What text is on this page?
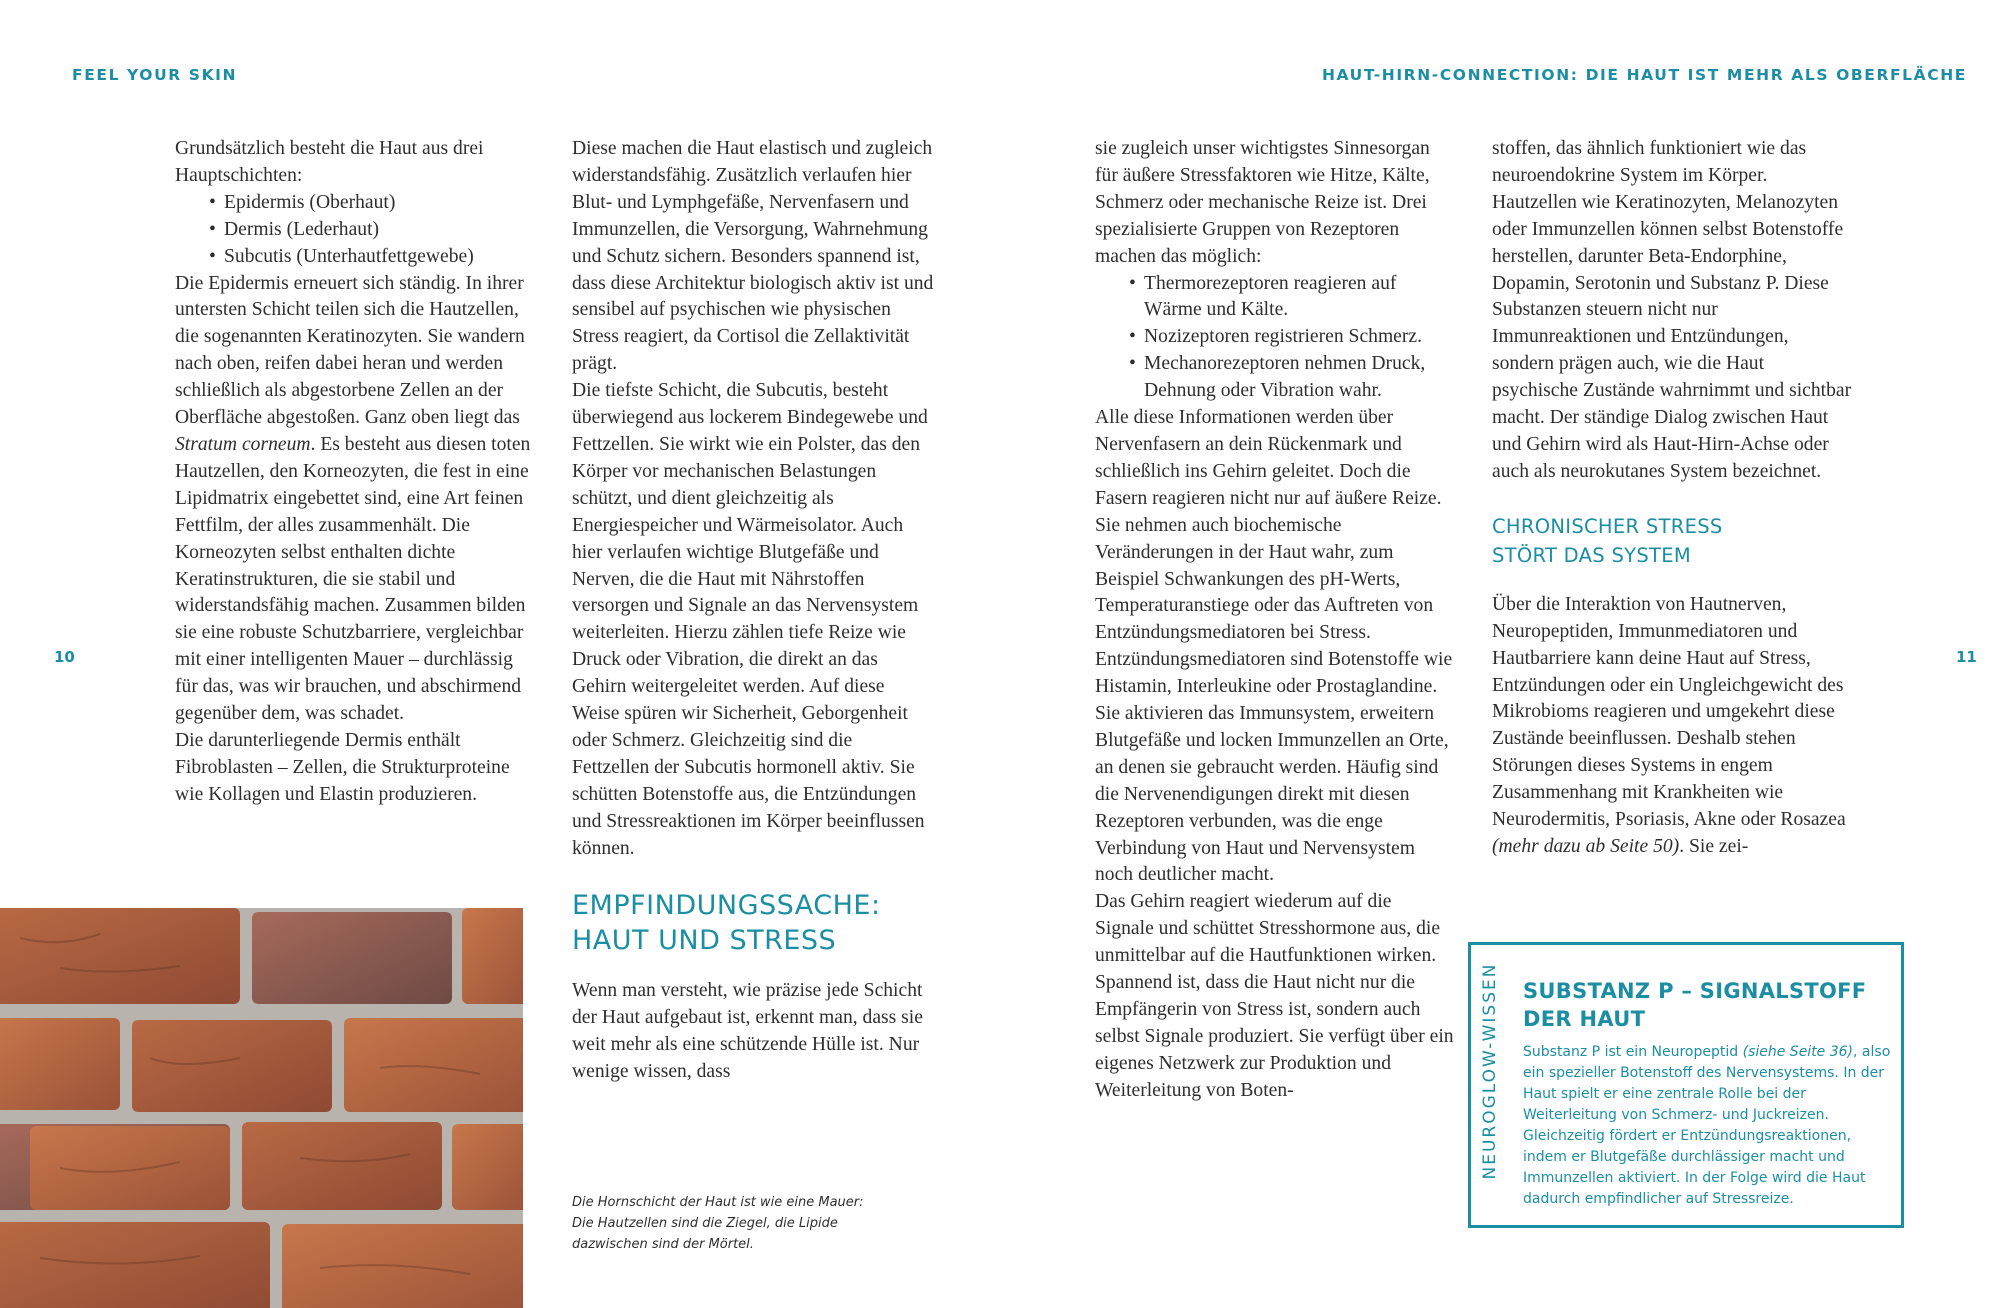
FEEL YOUR SKIN	HAUT-HIRN-CONNECTION: DIE HAUT IST MEHR ALS OBERFLÄCHE
10	11

Grundsätzlich besteht die Haut aus drei Hauptschichten:

• Epidermis (Oberhaut)
• Dermis (Lederhaut)
• Subcutis (Unterhautfettgewebe)

Die Epidermis erneuert sich ständig. In ihrer untersten Schicht teilen sich die Hautzellen, die sogenannten Keratinozyten. Sie wandern nach oben, reifen dabei heran und werden schließlich als abgestorbene Zellen an der Oberfläche abgestoßen. Ganz oben liegt das Stratum corneum. Es besteht aus diesen toten Hautzellen, den Korneozyten, die fest in eine Lipidmatrix eingebettet sind, eine Art feinen Fettfilm, der alles zusammenhält. Die Korneozyten selbst enthalten dichte Keratinstrukturen, die sie stabil und widerstandsfähig machen. Zusammen bilden sie eine robuste Schutzbarriere, vergleichbar mit einer intelligenten Mauer – durchlässig für das, was wir brauchen, und abschirmend gegenüber dem, was schadet.

Die darunterliegende Dermis enthält Fibroblasten – Zellen, die Strukturproteine wie Kollagen und Elastin produzieren.

Diese machen die Haut elastisch und zugleich widerstandsfähig. Zusätzlich verlaufen hier Blut- und Lymphgefäße, Nervenfasern und Immunzellen, die Versorgung, Wahrnehmung und Schutz sichern. Besonders spannend ist, dass diese Architektur biologisch aktiv ist und sensibel auf psychischen wie physischen Stress reagiert, da Cortisol die Zellaktivität prägt.

Die tiefste Schicht, die Subcutis, besteht überwiegend aus lockerem Bindegewebe und Fettzellen. Sie wirkt wie ein Polster, das den Körper vor mechanischen Belastungen schützt, und dient gleichzeitig als Energiespeicher und Wärmeisolator. Auch hier verlaufen wichtige Blutgefäße und Nerven, die die Haut mit Nährstoffen versorgen und Signale an das Nervensystem weiterleiten. Hierzu zählen tiefe Reize wie Druck oder Vibration, die direkt an das Gehirn weitergeleitet werden. Auf diese Weise spüren wir Sicherheit, Geborgenheit oder Schmerz. Gleichzeitig sind die Fettzellen der Subcutis hormonell aktiv. Sie schütten Botenstoffe aus, die Entzündungen und Stressreaktionen im Körper beeinflussen können.

EMPFINDUNGSSACHE:
HAUT UND STRESS

Wenn man versteht, wie präzise jede Schicht der Haut aufgebaut ist, erkennt man, dass sie weit mehr als eine schützende Hülle ist. Nur wenige wissen, dass

Die Hornschicht der Haut ist wie eine Mauer:
Die Hautzellen sind die Ziegel, die Lipide
dazwischen sind der Mörtel.

sie zugleich unser wichtigstes Sinnesorgan für äußere Stressfaktoren wie Hitze, Kälte, Schmerz oder mechanische Reize ist. Drei spezialisierte Gruppen von Rezeptoren machen das möglich:

• Thermorezeptoren reagieren auf Wärme und Kälte.
• Nozizeptoren registrieren Schmerz.
• Mechanorezeptoren nehmen Druck, Dehnung oder Vibration wahr.

Alle diese Informationen werden über Nervenfasern an dein Rückenmark und schließlich ins Gehirn geleitet. Doch die Fasern reagieren nicht nur auf äußere Reize. Sie nehmen auch biochemische Veränderungen in der Haut wahr, zum Beispiel Schwankungen des pH-Werts, Temperaturanstiege oder das Auftreten von Entzündungsmediatoren bei Stress. Entzündungsmediatoren sind Botenstoffe wie Histamin, Interleukine oder Prostaglandine. Sie aktivieren das Immunsystem, erweitern Blutgefäße und locken Immunzellen an Orte, an denen sie gebraucht werden. Häufig sind die Nervenendigungen direkt mit diesen Rezeptoren verbunden, was die enge Verbindung von Haut und Nervensystem noch deutlicher macht.

Das Gehirn reagiert wiederum auf die Signale und schüttet Stresshormone aus, die unmittelbar auf die Hautfunktionen wirken. Spannend ist, dass die Haut nicht nur die Empfängerin von Stress ist, sondern auch selbst Signale produziert. Sie verfügt über ein eigenes Netzwerk zur Produktion und Weiterleitung von Boten-

stoffen, das ähnlich funktioniert wie das neuroendokrine System im Körper. Hautzellen wie Keratinozyten, Melanozyten oder Immunzellen können selbst Botenstoffe herstellen, darunter Beta-Endorphine, Dopamin, Serotonin und Substanz P. Diese Substanzen steuern nicht nur Immunreaktionen und Entzündungen, sondern prägen auch, wie die Haut psychische Zustände wahrnimmt und sichtbar macht. Der ständige Dialog zwischen Haut und Gehirn wird als Haut-Hirn-Achse oder auch als neurokutanes System bezeichnet.

CHRONISCHER STRESS
STÖRT DAS SYSTEM

Über die Interaktion von Hautnerven, Neuropeptiden, Immunmediatoren und Hautbarriere kann deine Haut auf Stress, Entzündungen oder ein Ungleichgewicht des Mikrobioms reagieren und umgekehrt diese Zustände beeinflussen. Deshalb stehen Störungen dieses Systems in engem Zusammenhang mit Krankheiten wie Neurodermitis, Psoriasis, Akne oder Rosazea (mehr dazu ab Seite 50). Sie zei-

NEUROGLOW-WISSEN SUBSTANZ P – SIGNALSTOFF
DER HAUT

Substanz P ist ein Neuropeptid (siehe Seite 36), also ein spezieller Botenstoff des Nervensystems. In der Haut spielt er eine zentrale Rolle bei der Weiterleitung von Schmerz- und Juckreizen. Gleichzeitig fördert er Entzündungsreaktionen, indem er Blutgefäße durchlässiger macht und Immunzellen aktiviert. In der Folge wird die Haut dadurch empfindlicher auf Stressreize.
